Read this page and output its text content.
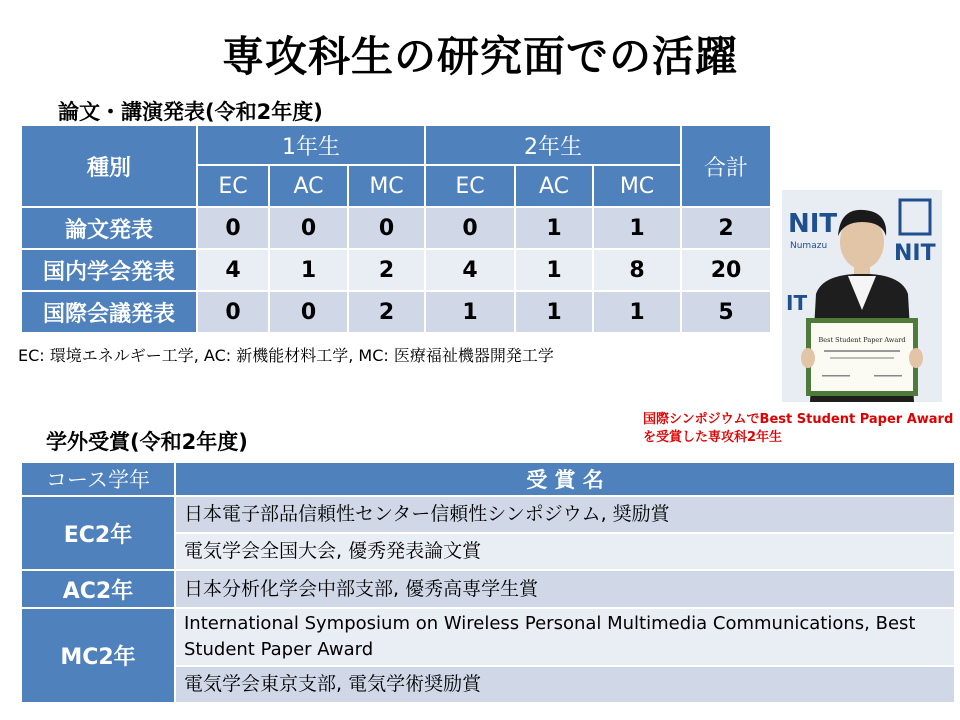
専攻科生の研究面での活躍
論文・講演発表(令和2年度)
種別	1年生			2年生			合計
	EC	AC	MC	EC	AC	MC	
論文発表	0	0	0	0	1	1	2
国内学会発表	4	1	2	4	1	8	20
国際会議発表	0	0	2	1	1	1	5
EC: 環境エネルギー工学, AC: 新機能材料工学, MC: 医療福祉機器開発工学
NIT
Numazu	NIT
IT
Best Student Paper Award
国際シンポジウムでBest Student Paper Award
を受賞した専攻科2年生
学外受賞(令和2年度)
コース学年	受 賞 名
EC2年	日本電子部品信頼性センター信頼性シンポジウム, 奨励賞
	電気学会全国大会, 優秀発表論文賞
AC2年	日本分析化学会中部支部, 優秀高専学生賞
MC2年	International Symposium on Wireless Personal Multimedia Communications, Best Student Paper Award
	電気学会東京支部, 電気学術奨励賞
